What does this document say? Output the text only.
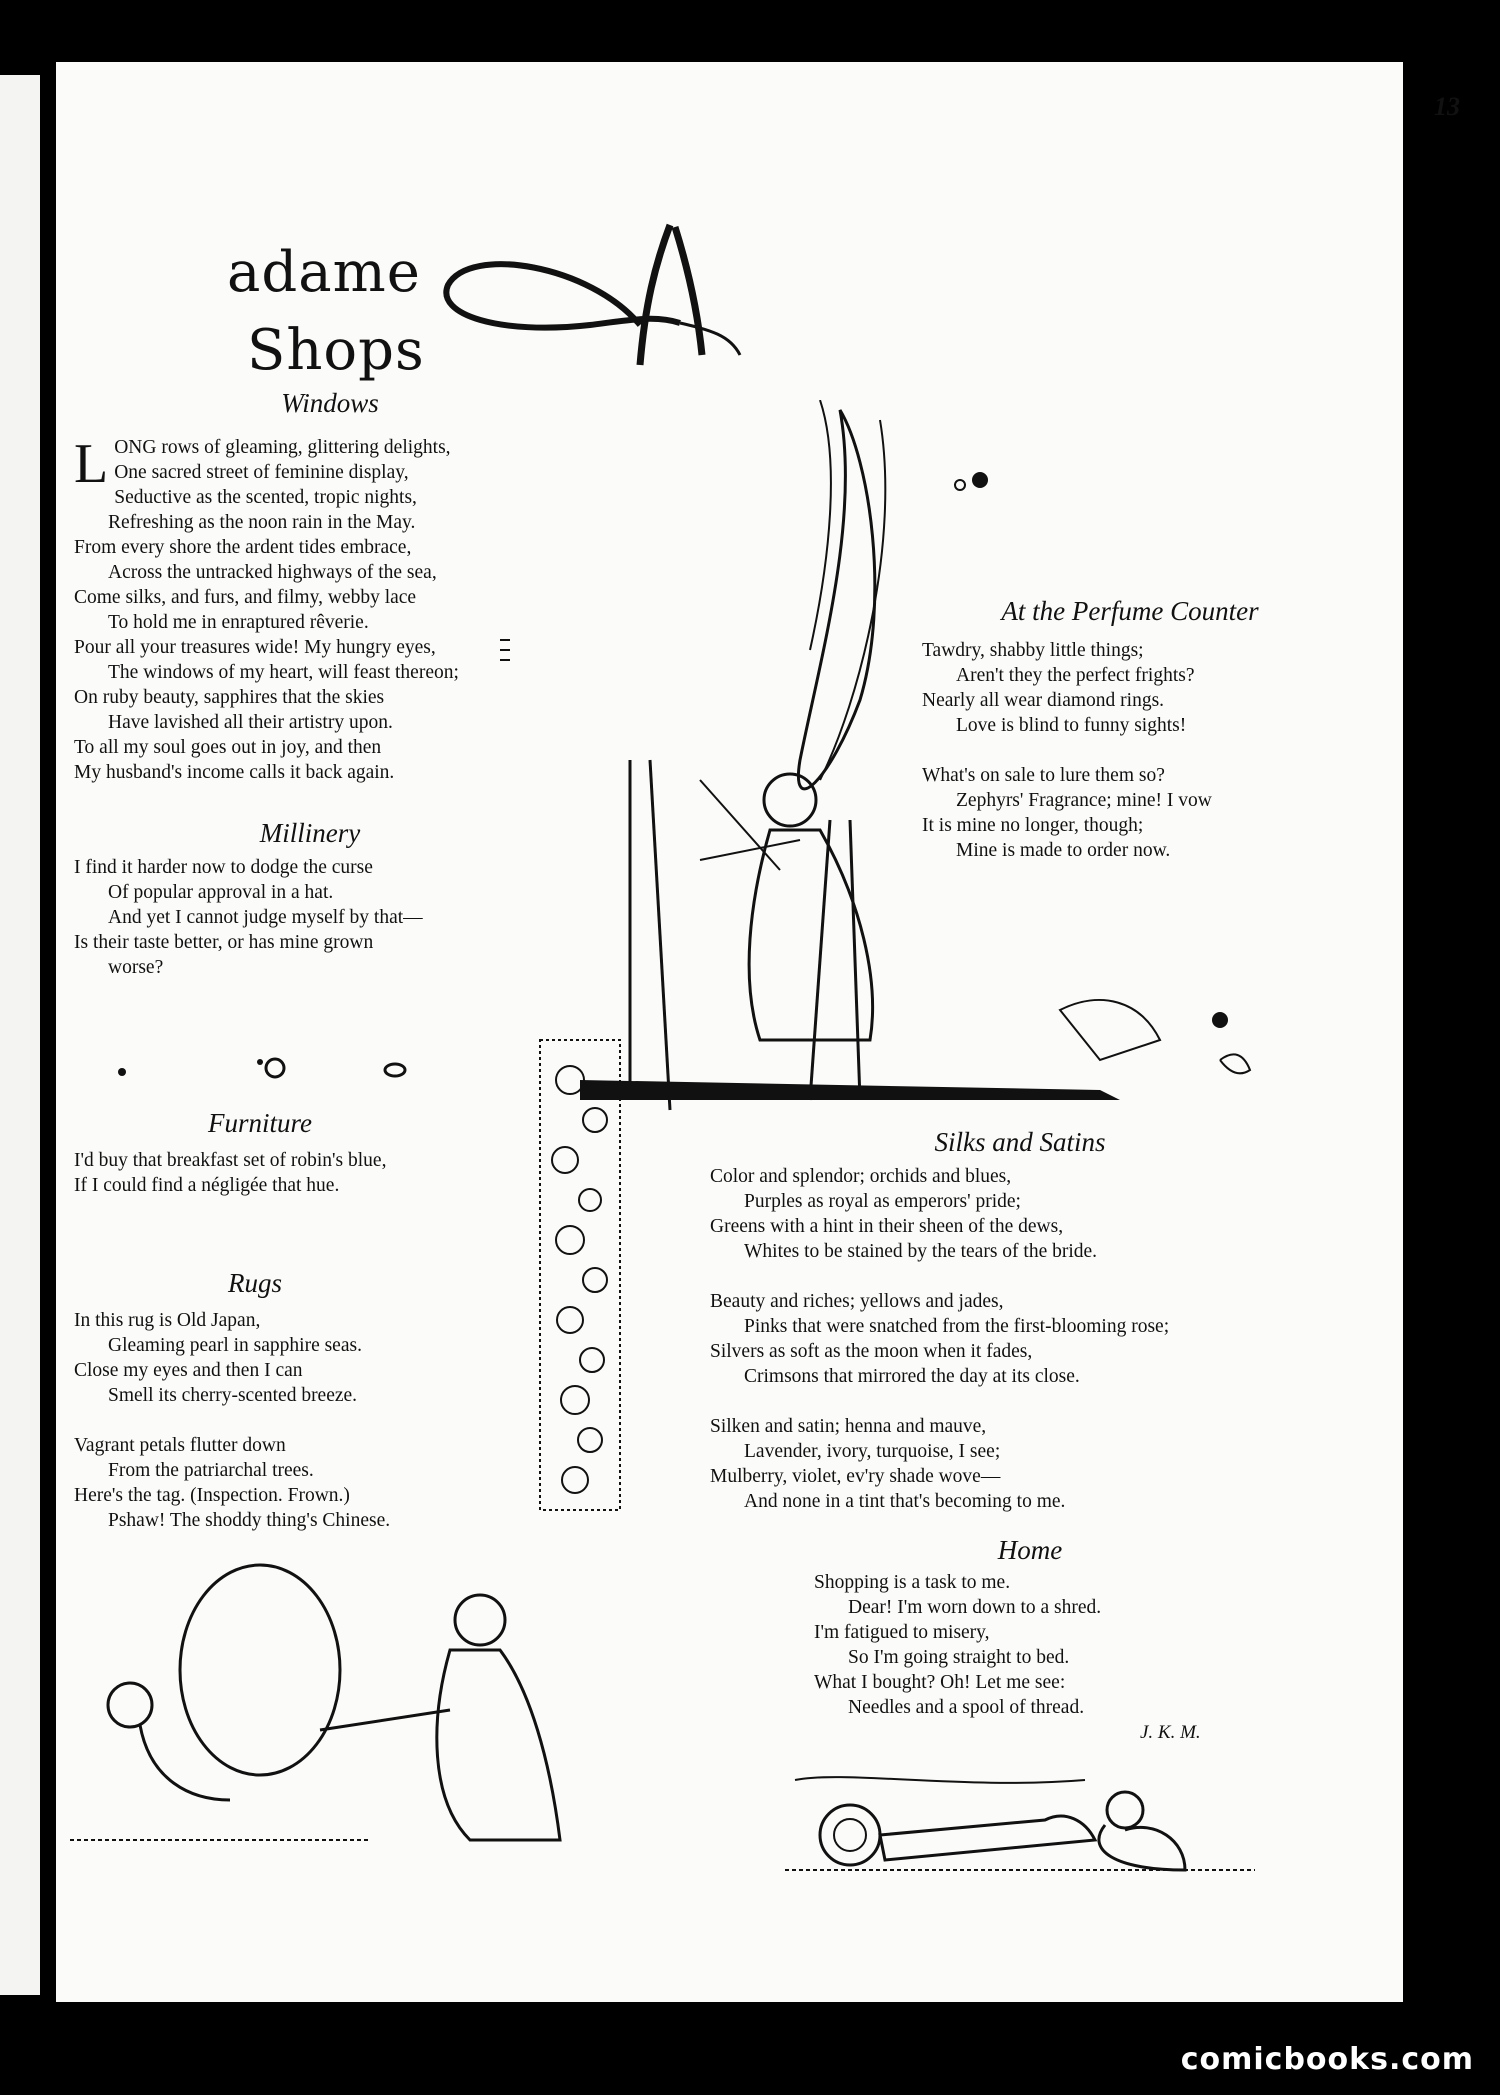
13
adame
Shops
Windows
L ONG rows of gleaming, glittering delights,
One sacred street of feminine display,
Seductive as the scented, tropic nights,
Refreshing as the noon rain in the May.
From every shore the ardent tides embrace,
Across the untracked highways of the sea,
Come silks, and furs, and filmy, webby lace
To hold me in enraptured rêverie.
Pour all your treasures wide! My hungry eyes,
The windows of my heart, will feast thereon;
On ruby beauty, sapphires that the skies
Have lavished all their artistry upon.
To all my soul goes out in joy, and then
My husband's income calls it back again.
Millinery
I find it harder now to dodge the curse
Of popular approval in a hat.
And yet I cannot judge myself by that—
Is their taste better, or has mine grown
worse?
Furniture
I'd buy that breakfast set of robin's blue,
If I could find a négligée that hue.
Rugs
In this rug is Old Japan,
Gleaming pearl in sapphire seas.
Close my eyes and then I can
Smell its cherry-scented breeze.

Vagrant petals flutter down
From the patriarchal trees.
Here's the tag. (Inspection. Frown.)
Pshaw! The shoddy thing's Chinese.
At the Perfume Counter
Tawdry, shabby little things;
Aren't they the perfect frights?
Nearly all wear diamond rings.
Love is blind to funny sights!

What's on sale to lure them so?
Zephyrs' Fragrance; mine! I vow
It is mine no longer, though;
Mine is made to order now.
Silks and Satins
Color and splendor; orchids and blues,
Purples as royal as emperors' pride;
Greens with a hint in their sheen of the dews,
Whites to be stained by the tears of the bride.

Beauty and riches; yellows and jades,
Pinks that were snatched from the first-blooming rose;
Silvers as soft as the moon when it fades,
Crimsons that mirrored the day at its close.

Silken and satin; henna and mauve,
Lavender, ivory, turquoise, I see;
Mulberry, violet, ev'ry shade wove—
And none in a tint that's becoming to me.
Home
Shopping is a task to me.
Dear! I'm worn down to a shred.
I'm fatigued to misery,
So I'm going straight to bed.
What I bought? Oh! Let me see:
Needles and a spool of thread.
J. K. M.
comicbooks.com
